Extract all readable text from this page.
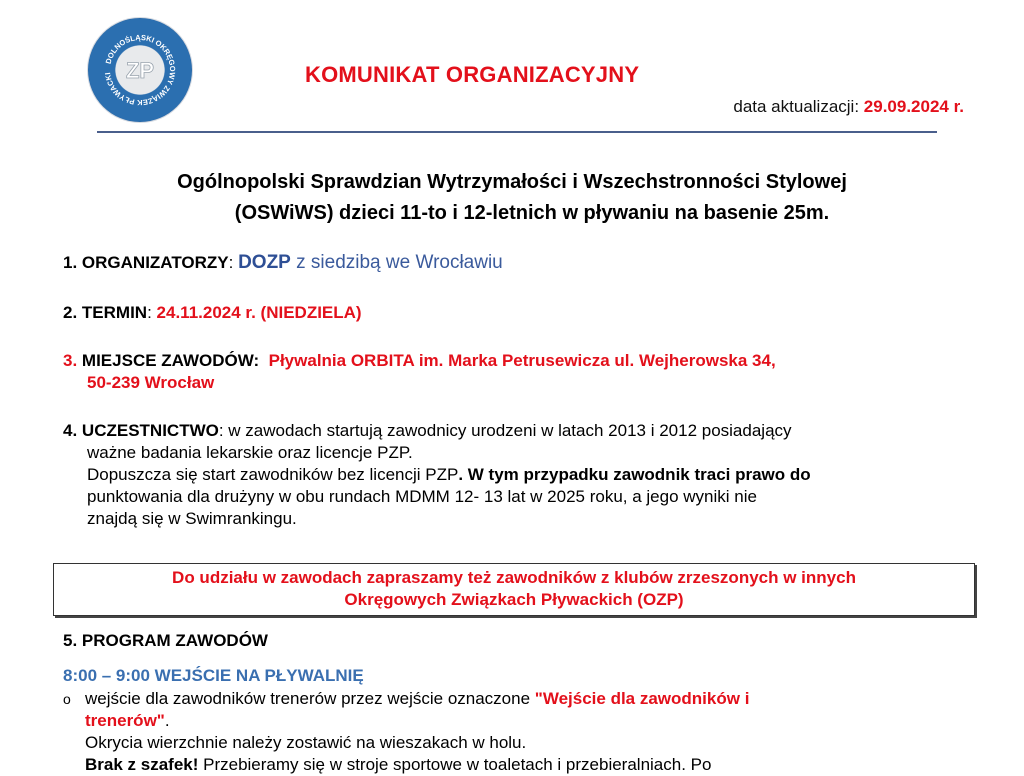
DOLNOŚLĄSKI OKRĘGOWY ZWIĄZEK PŁYWACKI ZP	KOMUNIKAT ORGANIZACYJNY
data aktualizacji: 29.09.2024 r.
Ogólnopolski Sprawdzian Wytrzymałości i Wszechstronności Stylowej
(OSWiWS) dzieci 11-to i 12-letnich w pływaniu na basenie 25m.
1. ORGANIZATORZY: DOZP z siedzibą we Wrocławiu
2. TERMIN: 24.11.2024 r. (NIEDZIELA)
3. MIEJSCE ZAWODÓW: Pływalnia ORBITA im. Marka Petrusewicza ul. Wejherowska 34,
50-239 Wrocław
4. UCZESTNICTWO: w zawodach startują zawodnicy urodzeni w latach 2013 i 2012 posiadający
ważne badania lekarskie oraz licencje PZP.
Dopuszcza się start zawodników bez licencji PZP. W tym przypadku zawodnik traci prawo do
punktowania dla drużyny w obu rundach MDMM 12- 13 lat w 2025 roku, a jego wyniki nie
znajdą się w Swimrankingu.
Do udziału w zawodach zapraszamy też zawodników z klubów zrzeszonych w innych
Okręgowych Związkach Pływackich (OZP)
5. PROGRAM ZAWODÓW
8:00 – 9:00 WEJŚCIE NA PŁYWALNIĘ
o wejście dla zawodników trenerów przez wejście oznaczone "Wejście dla zawodników i
trenerów".
Okrycia wierzchnie należy zostawić na wieszakach w holu.
Brak z szafek! Przebieramy się w stroje sportowe w toaletach i przebieralniach. Po
